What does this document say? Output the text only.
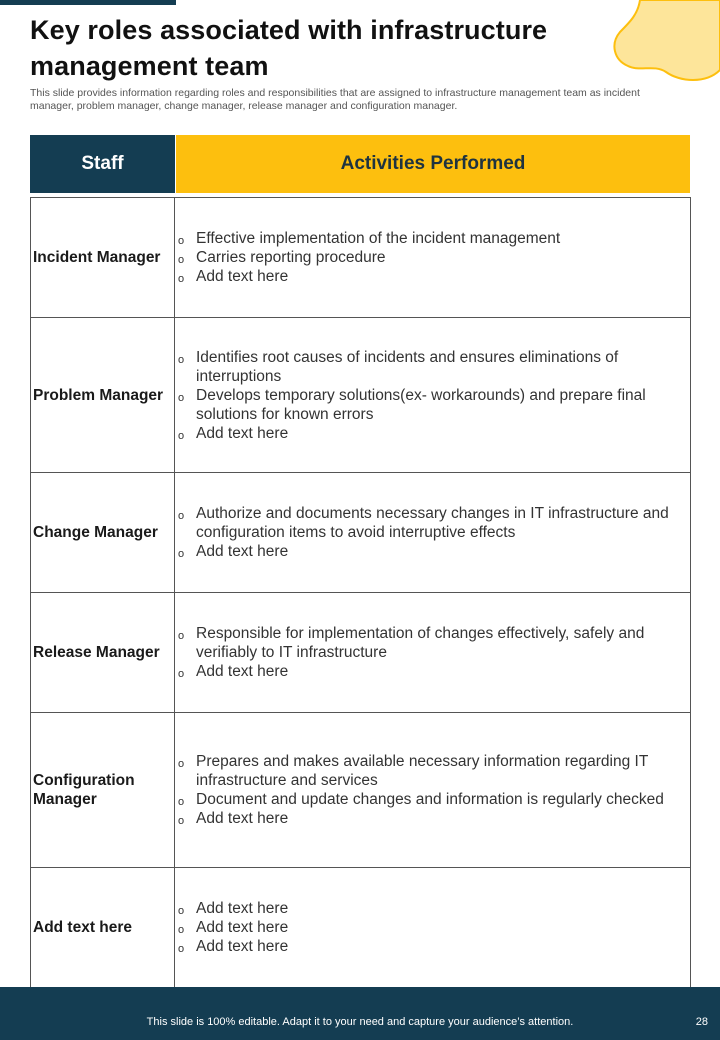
Key roles associated with infrastructure management team

This slide provides information regarding roles and responsibilities that are assigned to infrastructure management team as incident manager, problem manager, change manager, release manager and configuration manager.

Staff	Activities Performed
Incident Manager
o Effective implementation of the incident management
o Carries reporting procedure
o Add text here
Problem Manager
o Identifies root causes of incidents and ensures eliminations of interruptions
o Develops temporary solutions(ex- workarounds) and prepare final solutions for known errors
o Add text here
Change Manager
o Authorize and documents necessary changes in IT infrastructure and configuration items to avoid interruptive effects
o Add text here
Release Manager
o Responsible for implementation of changes effectively, safely and verifiably to IT infrastructure
o Add text here
Configuration Manager
o Prepares and makes available necessary information regarding IT infrastructure and services
o Document and update changes and information is regularly checked
o Add text here
Add text here
o Add text here
o Add text here
o Add text here
This slide is 100% editable. Adapt it to your need and capture your audience’s attention.	28
